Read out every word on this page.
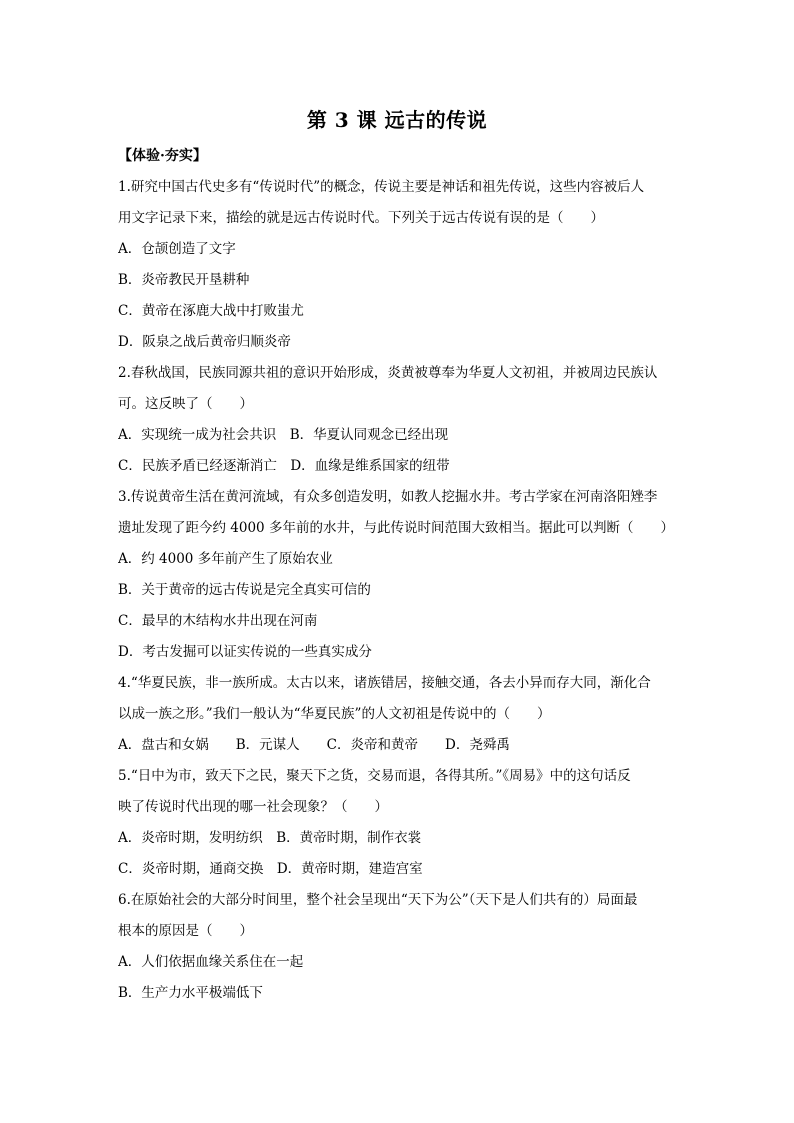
第 3 课 远古的传说
【体验·夯实】
1.研究中国古代史多有“传说时代”的概念，传说主要是神话和祖先传说，这些内容被后人
用文字记录下来，描绘的就是远古传说时代。下列关于远古传说有误的是（　　）
A．仓颉创造了文字
B．炎帝教民开垦耕种
C．黄帝在涿鹿大战中打败蚩尤
D．阪泉之战后黄帝归顺炎帝
2.春秋战国，民族同源共祖的意识开始形成，炎黄被尊奉为华夏人文初祖，并被周边民族认
可。这反映了（　　）
A．实现统一成为社会共识　B．华夏认同观念已经出现
C．民族矛盾已经逐渐消亡　D．血缘是维系国家的纽带
3.传说黄帝生活在黄河流域，有众多创造发明，如教人挖掘水井。考古学家在河南洛阳矬李
遗址发现了距今约 4000 多年前的水井，与此传说时间范围大致相当。据此可以判断（　　）
A．约 4000 多年前产生了原始农业
B．关于黄帝的远古传说是完全真实可信的
C．最早的木结构水井出现在河南
D．考古发掘可以证实传说的一些真实成分
4.“华夏民族，非一族所成。太古以来，诸族错居，接触交通，各去小异而存大同，渐化合
以成一族之形。”我们一般认为“华夏民族”的人文初祖是传说中的（　　）
A．盘古和女娲　　B．元谋人　　C．炎帝和黄帝　　D．尧舜禹
5.“日中为市，致天下之民，聚天下之货，交易而退，各得其所。”《周易》中的这句话反
映了传说时代出现的哪一社会现象？（　　）
A．炎帝时期，发明纺织　B．黄帝时期，制作衣裳
C．炎帝时期，通商交换　D．黄帝时期，建造宫室
6.在原始社会的大部分时间里，整个社会呈现出“天下为公”（天下是人们共有的）局面最
根本的原因是（　　）
A．人们依据血缘关系住在一起
B．生产力水平极端低下
